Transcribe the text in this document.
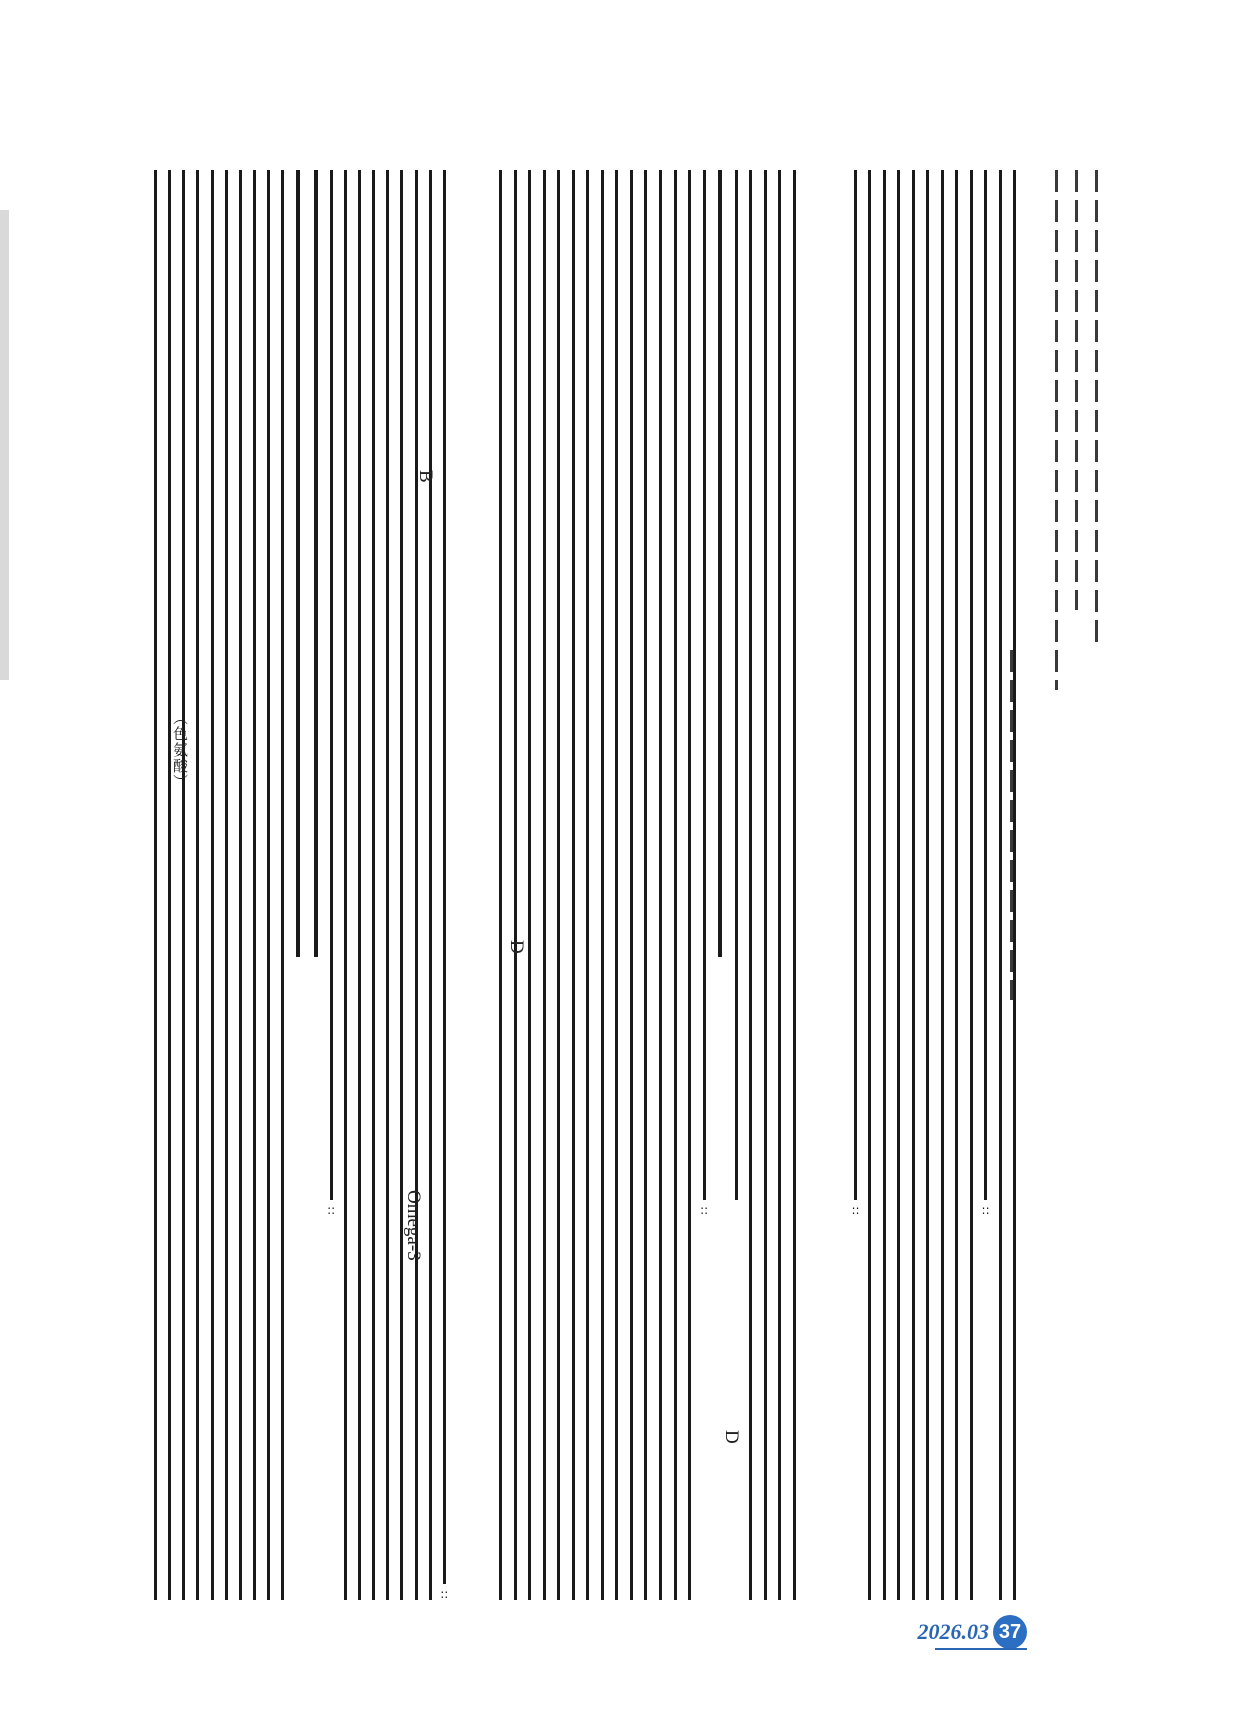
::
::
（色氨酸）
B
Omega-3	::
D
D
::
::
2026.03 37
